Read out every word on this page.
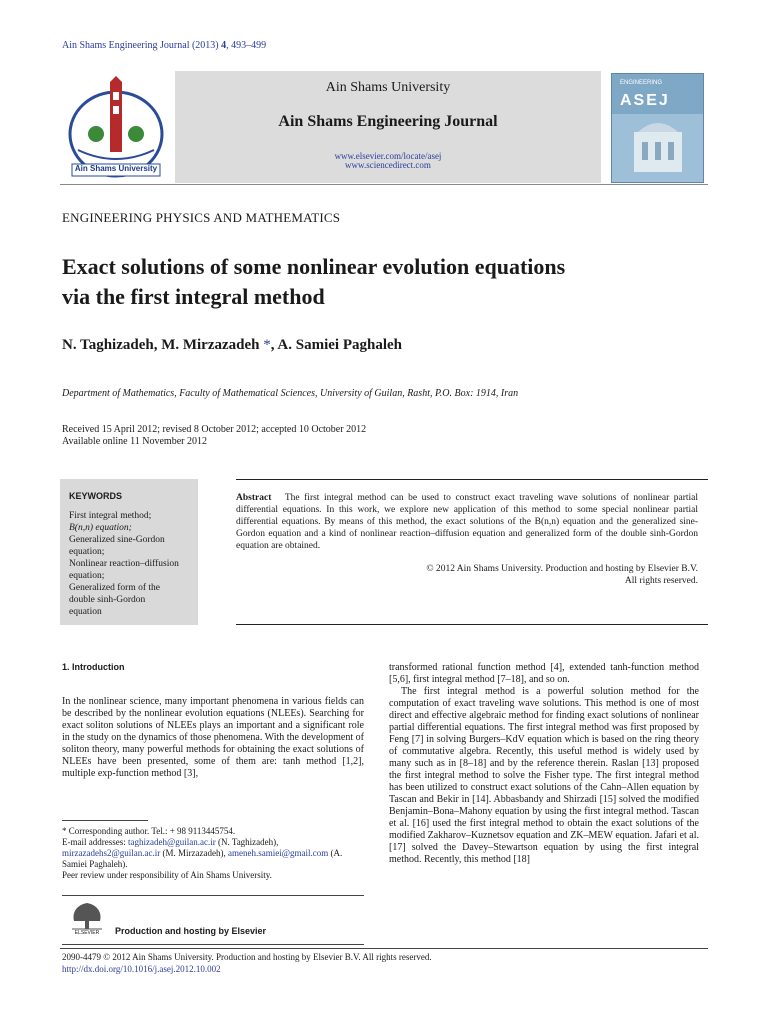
Ain Shams Engineering Journal (2013) 4, 493–499
Ain Shams University
Ain Shams University
Ain Shams Engineering Journal
www.elsevier.com/locate/asej
www.sciencedirect.com
ENGINEERING
ASEJ
ENGINEERING PHYSICS AND MATHEMATICS
Exact solutions of some nonlinear evolution equations
via the first integral method
N. Taghizadeh, M. Mirzazadeh *, A. Samiei Paghaleh
Department of Mathematics, Faculty of Mathematical Sciences, University of Guilan, Rasht, P.O. Box: 1914, Iran
Received 15 April 2012; revised 8 October 2012; accepted 10 October 2012
Available online 11 November 2012
KEYWORDS
First integral method;
B(n,n) equation;
Generalized sine-Gordon
equation;
Nonlinear reaction–diffusion
equation;
Generalized form of the
double sinh-Gordon
equation
Abstract The first integral method can be used to construct exact traveling wave solutions of nonlinear partial differential equations. In this work, we explore new application of this method to some special nonlinear partial differential equations. By means of this method, the exact solutions of the B(n,n) equation and the generalized sine-Gordon equation and a kind of nonlinear reaction–diffusion equation and generalized form of the double sinh-Gordon equation are obtained.
© 2012 Ain Shams University. Production and hosting by Elsevier B.V.
All rights reserved.
1. Introduction

In the nonlinear science, many important phenomena in various fields can be described by the nonlinear evolution equations (NLEEs). Searching for exact soliton solutions of NLEEs plays an important and a significant role in the study on the dynamics of those phenomena. With the development of soliton theory, many powerful methods for obtaining the exact solutions of NLEEs have been presented, some of them are: tanh method [1,2], multiple exp-function method [3],

transformed rational function method [4], extended tanh-function method [5,6], first integral method [7–18], and so on.

The first integral method is a powerful solution method for the computation of exact traveling wave solutions. This method is one of most direct and effective algebraic method for finding exact solutions of nonlinear partial differential equations. The first integral method was first proposed by Feng [7] in solving Burgers–KdV equation which is based on the ring theory of commutative algebra. Recently, this useful method is widely used by many such as in [8–18] and by the reference therein. Raslan [13] proposed the first integral method to solve the Fisher type. The first integral method has been utilized to construct exact solutions of the Cahn–Allen equation by Tascan and Bekir in [14]. Abbasbandy and Shirzadi [15] solved the modified Benjamin–Bona–Mahony equation by using the first integral method. Tascan et al. [16] used the first integral method to obtain the exact solutions of the modified Zakharov–Kuznetsov equation and ZK–MEW equation. Jafari et al. [17] solved the Davey–Stewartson equation by using the first integral method. Recently, this method [18]

* Corresponding author. Tel.: + 98 9113445754.
E-mail addresses: taghizadeh@guilan.ac.ir (N. Taghizadeh), mirzazadehs2@guilan.ac.ir (M. Mirzazadeh), ameneh.samiei@gmail.com (A. Samiei Paghaleh).
Peer review under responsibility of Ain Shams University.
ELSEVIER	Production and hosting by Elsevier
2090-4479 © 2012 Ain Shams University. Production and hosting by Elsevier B.V. All rights reserved.
http://dx.doi.org/10.1016/j.asej.2012.10.002
